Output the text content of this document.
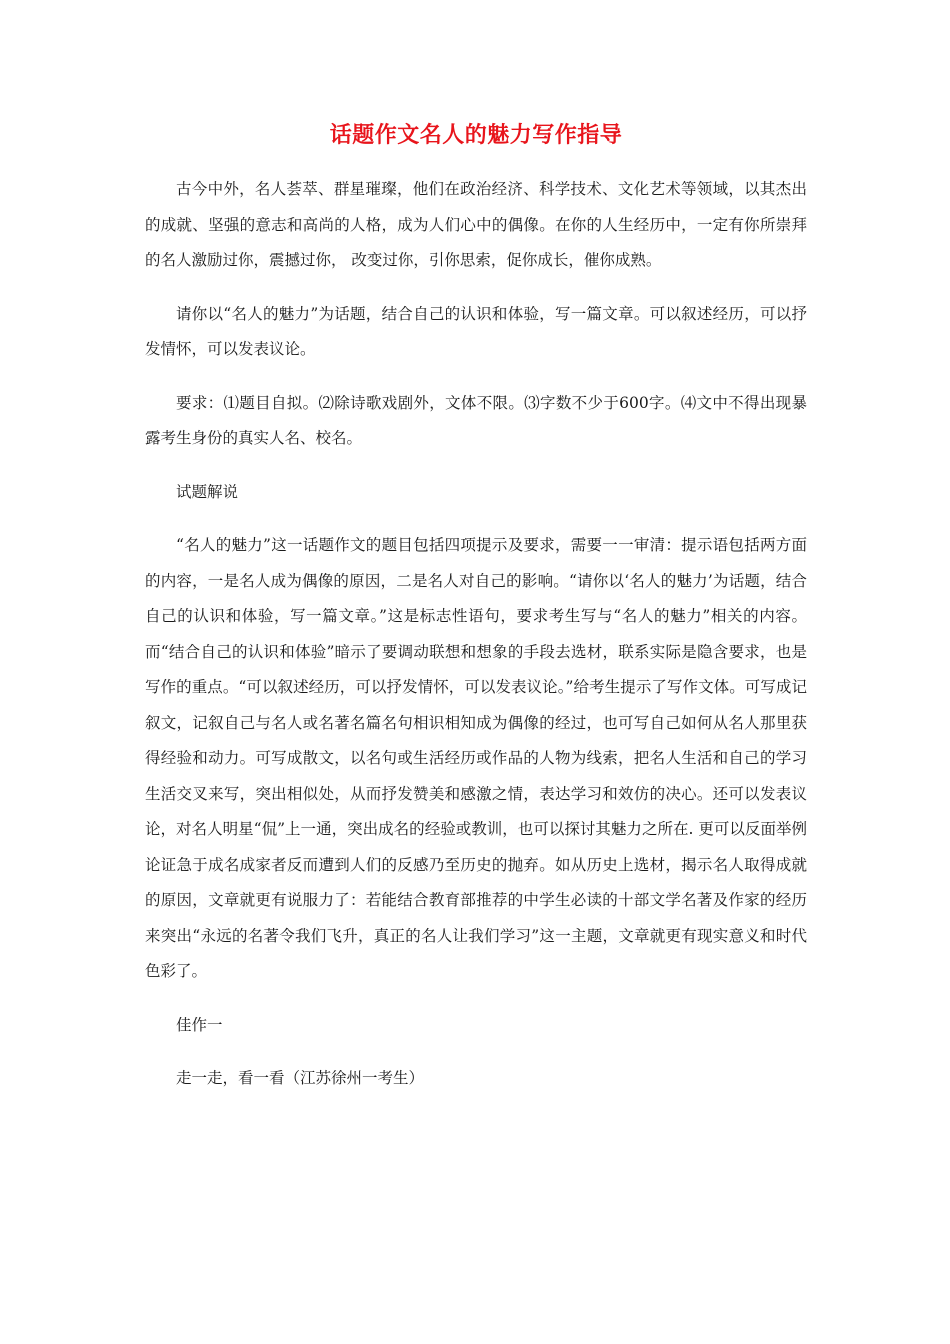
话题作文名人的魅力写作指导

古今中外，名人荟萃、群星璀璨，他们在政治经济、科学技术、文化艺术等领域，以其杰出的成就、坚强的意志和高尚的人格，成为人们心中的偶像。在你的人生经历中，一定有你所崇拜的名人激励过你，震撼过你， 改变过你，引你思索，促你成长，催你成熟。

请你以“名人的魅力”为话题，结合自己的认识和体验，写一篇文章。可以叙述经历，可以抒发情怀，可以发表议论。

要求：⑴题目自拟。⑵除诗歌戏剧外，文体不限。⑶字数不少于600字。⑷文中不得出现暴露考生身份的真实人名、校名。

试题解说

“名人的魅力”这一话题作文的题目包括四项提示及要求，需要一一审清：提示语包括两方面的内容，一是名人成为偶像的原因，二是名人对自己的影响。“请你以‘名人的魅力’为话题，结合自己的认识和体验，写一篇文章。”这是标志性语句，要求考生写与“名人的魅力”相关的内容。而“结合自己的认识和体验”暗示了要调动联想和想象的手段去选材，联系实际是隐含要求，也是写作的重点。“可以叙述经历，可以抒发情怀，可以发表议论。”给考生提示了写作文体。可写成记叙文，记叙自己与名人或名著名篇名句相识相知成为偶像的经过，也可写自己如何从名人那里获得经验和动力。可写成散文，以名句或生活经历或作品的人物为线索，把名人生活和自己的学习生活交叉来写，突出相似处，从而抒发赞美和感激之情，表达学习和效仿的决心。还可以发表议论，对名人明星“侃”上一通，突出成名的经验或教训，也可以探讨其魅力之所在. 更可以反面举例论证急于成名成家者反而遭到人们的反感乃至历史的抛弃。如从历史上选材，揭示名人取得成就的原因，文章就更有说服力了：若能结合教育部推荐的中学生必读的十部文学名著及作家的经历来突出“永远的名著令我们飞升，真正的名人让我们学习”这一主题，文章就更有现实意义和时代色彩了。

佳作一

走一走，看一看（江苏徐州一考生）
